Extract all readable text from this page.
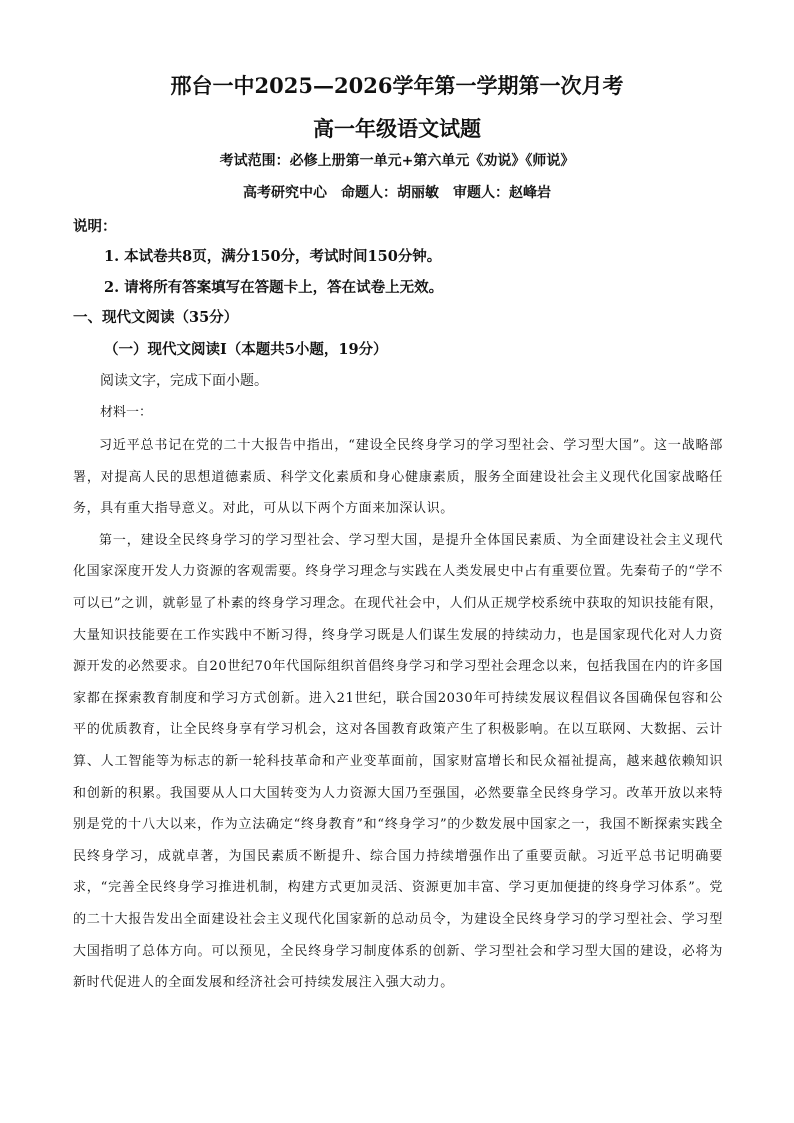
邢台一中2025—2026学年第一学期第一次月考
高一年级语文试题
考试范围：必修上册第一单元+第六单元《劝说》《师说》
高考研究中心　命题人：胡丽敏　审题人：赵峰岩
说明：
1. 本试卷共8页，满分150分，考试时间150分钟。
2. 请将所有答案填写在答题卡上，答在试卷上无效。
一、现代文阅读（35分）
（一）现代文阅读Ⅰ（本题共5小题，19分）
阅读文字，完成下面小题。
材料一：

习近平总书记在党的二十大报告中指出，“建设全民终身学习的学习型社会、学习型大国”。这一战略部署，对提高人民的思想道德素质、科学文化素质和身心健康素质，服务全面建设社会主义现代化国家战略任务，具有重大指导意义。对此，可从以下两个方面来加深认识。

第一，建设全民终身学习的学习型社会、学习型大国，是提升全体国民素质、为全面建设社会主义现代化国家深度开发人力资源的客观需要。终身学习理念与实践在人类发展史中占有重要位置。先秦荀子的“学不可以已”之训，就彰显了朴素的终身学习理念。在现代社会中，人们从正规学校系统中获取的知识技能有限，大量知识技能要在工作实践中不断习得，终身学习既是人们谋生发展的持续动力，也是国家现代化对人力资源开发的必然要求。自20世纪70年代国际组织首倡终身学习和学习型社会理念以来，包括我国在内的许多国家都在探索教育制度和学习方式创新。进入21世纪，联合国2030年可持续发展议程倡议各国确保包容和公平的优质教育，让全民终身享有学习机会，这对各国教育政策产生了积极影响。在以互联网、大数据、云计算、人工智能等为标志的新一轮科技革命和产业变革面前，国家财富增长和民众福祉提高，越来越依赖知识和创新的积累。我国要从人口大国转变为人力资源大国乃至强国，必然要靠全民终身学习。改革开放以来特别是党的十八大以来，作为立法确定“终身教育”和“终身学习”的少数发展中国家之一，我国不断探索实践全民终身学习，成就卓著，为国民素质不断提升、综合国力持续增强作出了重要贡献。习近平总书记明确要求，“完善全民终身学习推进机制，构建方式更加灵活、资源更加丰富、学习更加便捷的终身学习体系”。党的二十大报告发出全面建设社会主义现代化国家新的总动员令，为建设全民终身学习的学习型社会、学习型大国指明了总体方向。可以预见，全民终身学习制度体系的创新、学习型社会和学习型大国的建设，必将为新时代促进人的全面发展和经济社会可持续发展注入强大动力。
